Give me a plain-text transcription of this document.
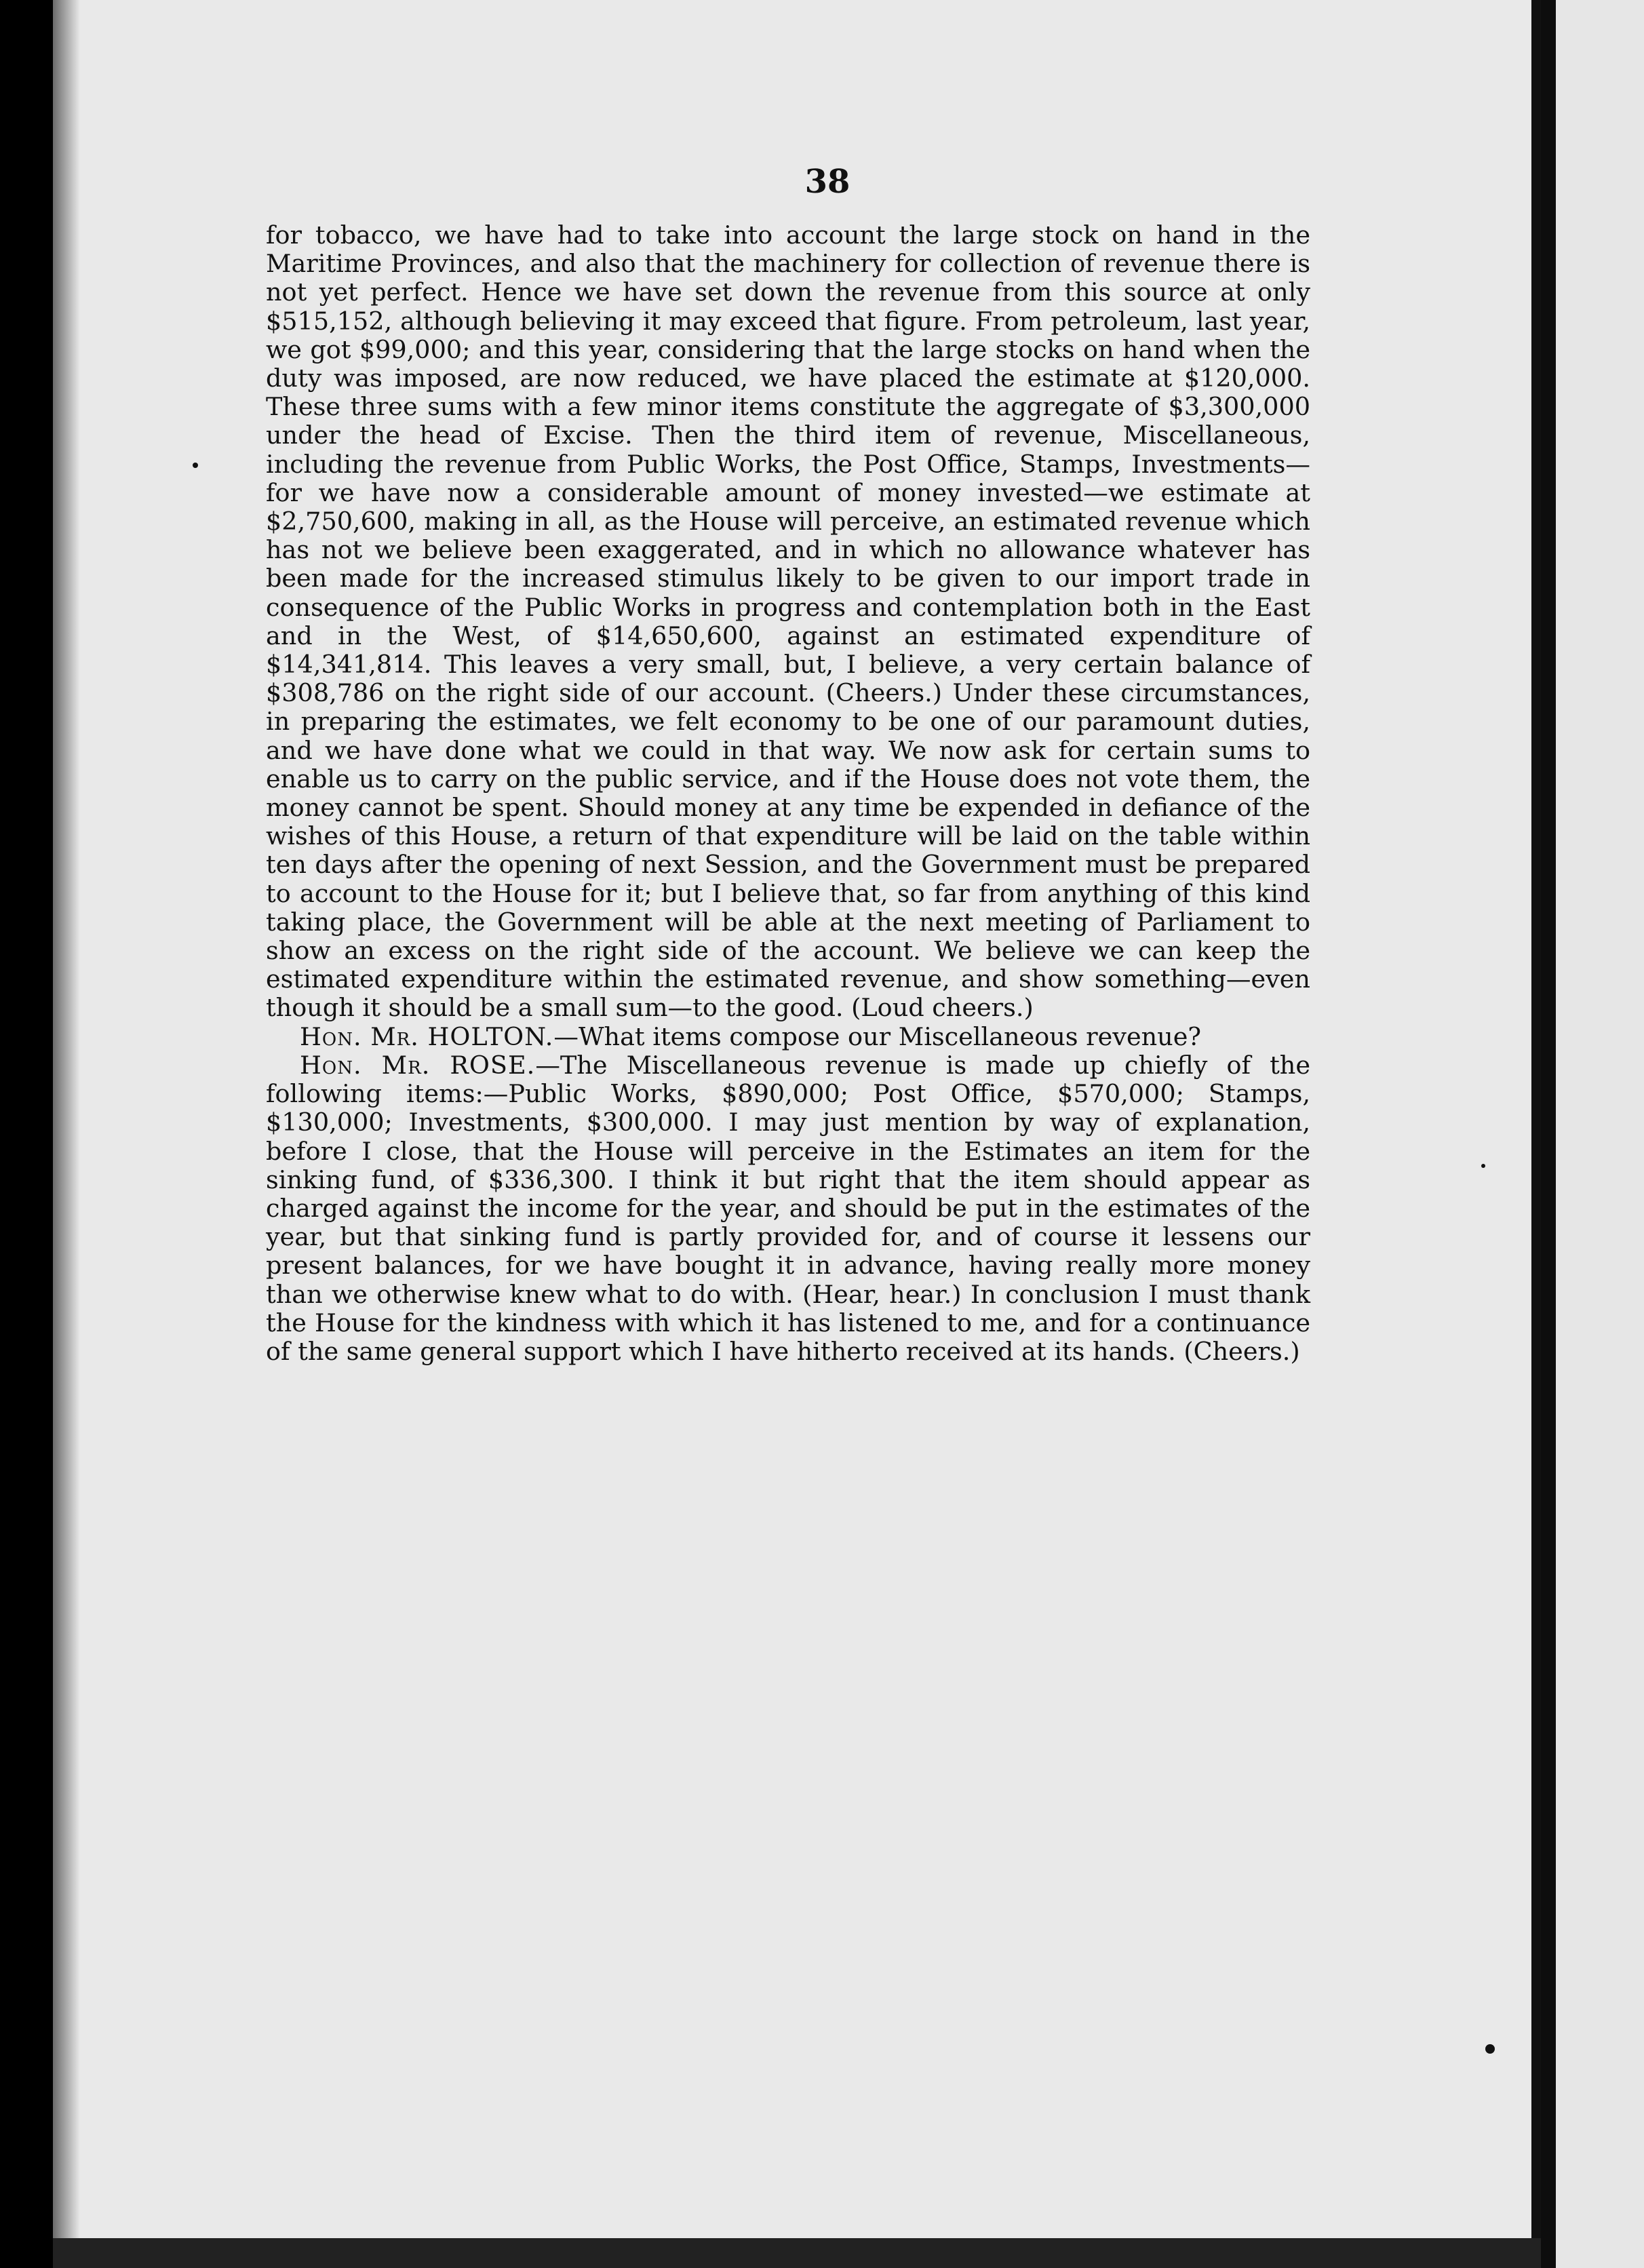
38

for tobacco, we have had to take into account the large stock on hand in the Maritime Provinces, and also that the machinery for collection of revenue there is not yet perfect. Hence we have set down the revenue from this source at only $515,152, although believing it may exceed that figure. From petroleum, last year, we got $99,000; and this year, considering that the large stocks on hand when the duty was imposed, are now reduced, we have placed the estimate at $120,000. These three sums with a few minor items constitute the aggregate of $3,300,000 under the head of Excise. Then the third item of revenue, Miscellaneous, including the revenue from Public Works, the Post Office, Stamps, Investments—for we have now a considerable amount of money invested—we estimate at $2,750,600, making in all, as the House will perceive, an estimated revenue which has not we believe been exaggerated, and in which no allowance whatever has been made for the increased stimulus likely to be given to our import trade in consequence of the Public Works in progress and contemplation both in the East and in the West, of $14,650,600, against an estimated expenditure of $14,341,814. This leaves a very small, but, I believe, a very certain balance of $308,786 on the right side of our account. (Cheers.) Under these circumstances, in preparing the estimates, we felt economy to be one of our paramount duties, and we have done what we could in that way. We now ask for certain sums to enable us to carry on the public service, and if the House does not vote them, the money cannot be spent. Should money at any time be expended in defiance of the wishes of this House, a return of that expenditure will be laid on the table within ten days after the opening of next Session, and the Government must be prepared to account to the House for it; but I believe that, so far from anything of this kind taking place, the Government will be able at the next meeting of Parliament to show an excess on the right side of the account. We believe we can keep the estimated expenditure within the estimated revenue, and show something—even though it should be a small sum—to the good. (Loud cheers.)

Hon. Mr. HOLTON.—What items compose our Miscellaneous revenue?

Hon. Mr. ROSE.—The Miscellaneous revenue is made up chiefly of the following items:—Public Works, $890,000; Post Office, $570,000; Stamps, $130,000; Investments, $300,000. I may just mention by way of explanation, before I close, that the House will perceive in the Estimates an item for the sinking fund, of $336,300. I think it but right that the item should appear as charged against the income for the year, and should be put in the estimates of the year, but that sinking fund is partly provided for, and of course it lessens our present balances, for we have bought it in advance, having really more money than we otherwise knew what to do with. (Hear, hear.) In conclusion I must thank the House for the kindness with which it has listened to me, and for a continuance of the same general support which I have hitherto received at its hands. (Cheers.)
